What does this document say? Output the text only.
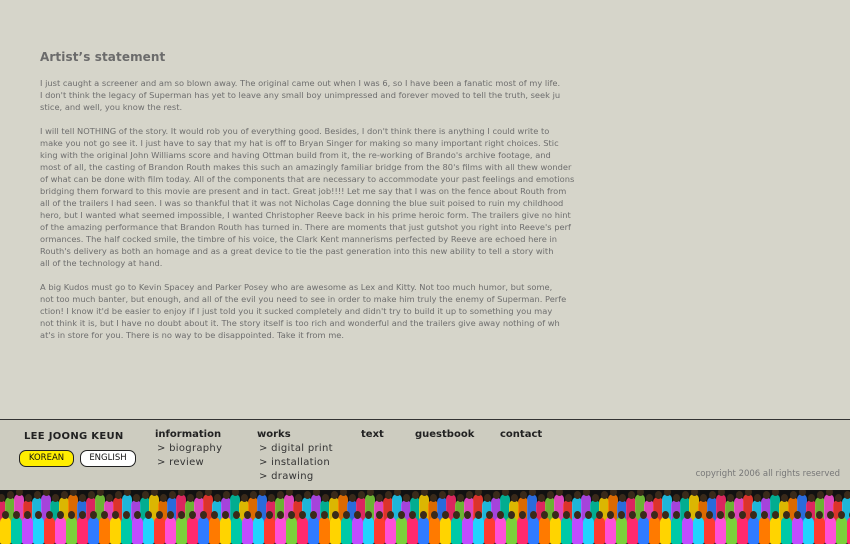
Artist’s statement

I just caught a screener and am so blown away. The original came out when I was 6, so I have been a fanatic most of my life.
I don't think the legacy of Superman has yet to leave any small boy unimpressed and forever moved to tell the truth, seek ju
stice, and well, you know the rest.

I will tell NOTHING of the story. It would rob you of everything good. Besides, I don't think there is anything I could write to
make you not go see it. I just have to say that my hat is off to Bryan Singer for making so many important right choices. Stic
king with the original John Williams score and having Ottman build from it, the re-working of Brando's archive footage, and
most of all, the casting of Brandon Routh makes this such an amazingly familiar bridge from the 80's films with all thew wonder
of what can be done with film today. All of the components that are necessary to accommodate your past feelings and emotions
bridging them forward to this movie are present and in tact. Great job!!!! Let me say that I was on the fence about Routh from
all of the trailers I had seen. I was so thankful that it was not Nicholas Cage donning the blue suit poised to ruin my childhood
hero, but I wanted what seemed impossible, I wanted Christopher Reeve back in his prime heroic form. The trailers give no hint
of the amazing performance that Brandon Routh has turned in. There are moments that just gutshot you right into Reeve's perf
ormances. The half cocked smile, the timbre of his voice, the Clark Kent mannerisms perfected by Reeve are echoed here in
Routh's delivery as both an homage and as a great device to tie the past generation into this new ability to tell a story with
all of the technology at hand.

A big Kudos must go to Kevin Spacey and Parker Posey who are awesome as Lex and Kitty. Not too much humor, but some,
not too much banter, but enough, and all of the evil you need to see in order to make him truly the enemy of Superman. Perfe
ction! I know it'd be easier to enjoy if I just told you it sucked completely and didn't try to build it up to something you may
not think it is, but I have no doubt about it. The story itself is too rich and wonderful and the trailers give away nothing of wh
at's in store for you. There is no way to be disappointed. Take it from me.

LEE JOONG KEUN
KOREAN	ENGLISH
information
> biography
> review
works
> digital print
> installation
> drawing
text	guestbook	contact
copyright 2006 all rights reserved
